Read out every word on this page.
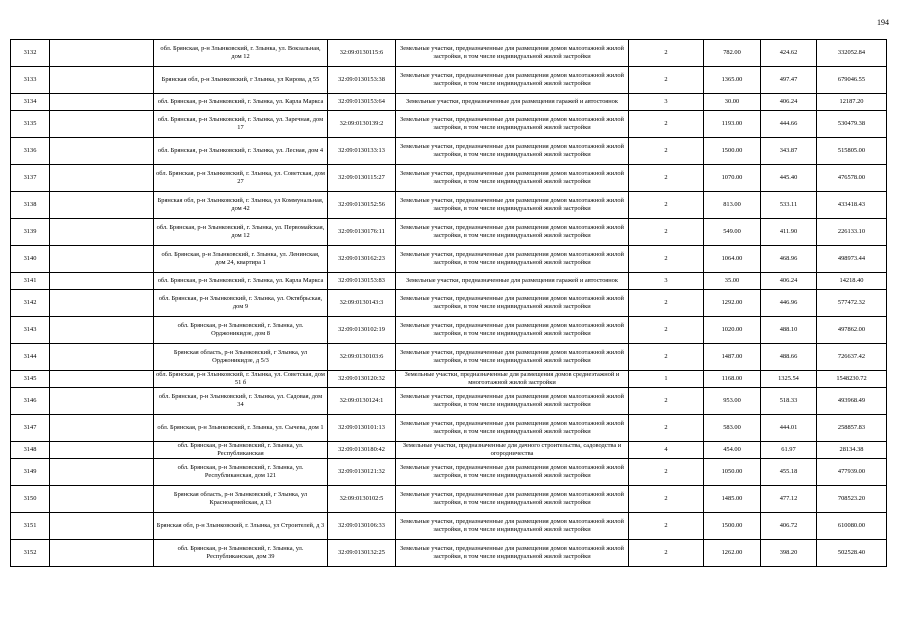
194
3132		обл. Брянская, р-н Злынковский, г. Злынка, ул. Вокзальная, дом 12	32:09:0130115:6	Земельные участки, предназначенные для размещения домов малоэтажной жилой застройки, в том числе индивидуальной жилой застройки	2	782.00	424.62	332052.84
3133		Брянская обл, р-н Злынковский, г Злынка, ул Кирова, д 55	32:09:0130153:38	Земельные участки, предназначенные для размещения домов малоэтажной жилой застройки, в том числе индивидуальной жилой застройки	2	1365.00	497.47	679046.55
3134		обл. Брянская, р-н Злынковский, г. Злынка, ул. Карла Маркса	32:09:0130153:64	Земельные участки, предназначенные для размещения гаражей и автостоянок	3	30.00	406.24	12187.20
3135		обл. Брянская, р-н Злынковский, г. Злынка, ул. Заречная, дом 17	32:09:0130139:2	Земельные участки, предназначенные для размещения домов малоэтажной жилой застройки, в том числе индивидуальной жилой застройки	2	1193.00	444.66	530479.38
3136		обл. Брянская, р-н Злынковский, г. Злынка, ул. Лесная, дом 4	32:09:0130133:13	Земельные участки, предназначенные для размещения домов малоэтажной жилой застройки, в том числе индивидуальной жилой застройки	2	1500.00	343.87	515805.00
3137		обл. Брянская, р-н Злынковский, г. Злынка, ул. Советская, дом 27	32:09:0130115:27	Земельные участки, предназначенные для размещения домов малоэтажной жилой застройки, в том числе индивидуальной жилой застройки	2	1070.00	445.40	476578.00
3138		Брянская обл, р-н Злынковский, г. Злынка, ул Коммунальная, дом 42	32:09:0130152:56	Земельные участки, предназначенные для размещения домов малоэтажной жилой застройки, в том числе индивидуальной жилой застройки	2	813.00	533.11	433418.43
3139		обл. Брянская, р-н Злынковский, г. Злынка, ул. Первомайская, дом 12	32:09:0130176:11	Земельные участки, предназначенные для размещения домов малоэтажной жилой застройки, в том числе индивидуальной жилой застройки	2	549.00	411.90	226133.10
3140		обл. Брянская, р-н Злынковский, г. Злынка, ул. Ленинская, дом 24, квартира 1	32:09:0130162:23	Земельные участки, предназначенные для размещения домов малоэтажной жилой застройки, в том числе индивидуальной жилой застройки	2	1064.00	468.96	498973.44
3141		обл. Брянская, р-н Злынковский, г. Злынка, ул. Карла Маркса	32:09:0130153:83	Земельные участки, предназначенные для размещения гаражей и автостоянок	3	35.00	406.24	14218.40
3142		обл. Брянская, р-н Злынковский, г. Злынка, ул. Октябрьская, дом 9	32:09:0130143:3	Земельные участки, предназначенные для размещения домов малоэтажной жилой застройки, в том числе индивидуальной жилой застройки	2	1292.00	446.96	577472.32
3143		обл. Брянская, р-н Злынковский, г. Злынка, ул. Орджоникидзе, дом 8	32:09:0130102:19	Земельные участки, предназначенные для размещения домов малоэтажной жилой застройки, в том числе индивидуальной жилой застройки	2	1020.00	488.10	497862.00
3144		Брянская область, р-н Злынковский, г Злынка, ул Орджоникидзе, д 5/3	32:09:0130103:6	Земельные участки, предназначенные для размещения домов малоэтажной жилой застройки, в том числе индивидуальной жилой застройки	2	1487.00	488.66	726637.42
3145		обл. Брянская, р-н Злынковский, г. Злынка, ул. Советская, дом 51 б	32:09:0130120:32	Земельные участки, предназначенные для размещения домов среднеэтажной и многоэтажной жилой застройки	1	1168.00	1325.54	1548230.72
3146		обл. Брянская, р-н Злынковский, г. Злынка, ул. Садовая, дом 34	32:09:0130124:1	Земельные участки, предназначенные для размещения домов малоэтажной жилой застройки, в том числе индивидуальной жилой застройки	2	953.00	518.33	493968.49
3147		обл. Брянская, р-н Злынковский, г. Злынка, ул. Сычева, дом 1	32:09:0130101:13	Земельные участки, предназначенные для размещения домов малоэтажной жилой застройки, в том числе индивидуальной жилой застройки	2	583.00	444.01	258857.83
3148		обл. Брянская, р-н Злынковский, г. Злынка, ул. Республиканская	32:09:0130180:42	Земельные участки, предназначенные для дачного строительства, садоводства и огородничества	4	454.00	61.97	28134.38
3149		обл. Брянская, р-н Злынковский, г. Злынка, ул. Республиканская, дом 121	32:09:0130121:32	Земельные участки, предназначенные для размещения домов малоэтажной жилой застройки, в том числе индивидуальной жилой застройки	2	1050.00	455.18	477939.00
3150		Брянская область, р-н Злынковский, г Злынка, ул Красноармейская, д 13	32:09:0130102:5	Земельные участки, предназначенные для размещения домов малоэтажной жилой застройки, в том числе индивидуальной жилой застройки	2	1485.00	477.12	708523.20
3151		Брянская обл, р-н Злынковский, г. Злынка, ул Строителей, д 3	32:09:0130106:33	Земельные участки, предназначенные для размещения домов малоэтажной жилой застройки, в том числе индивидуальной жилой застройки	2	1500.00	406.72	610080.00
3152		обл. Брянская, р-н Злынковский, г. Злынка, ул. Республиканская, дом 39	32:09:0130132:25	Земельные участки, предназначенные для размещения домов малоэтажной жилой застройки, в том числе индивидуальной жилой застройки	2	1262.00	398.20	502528.40
